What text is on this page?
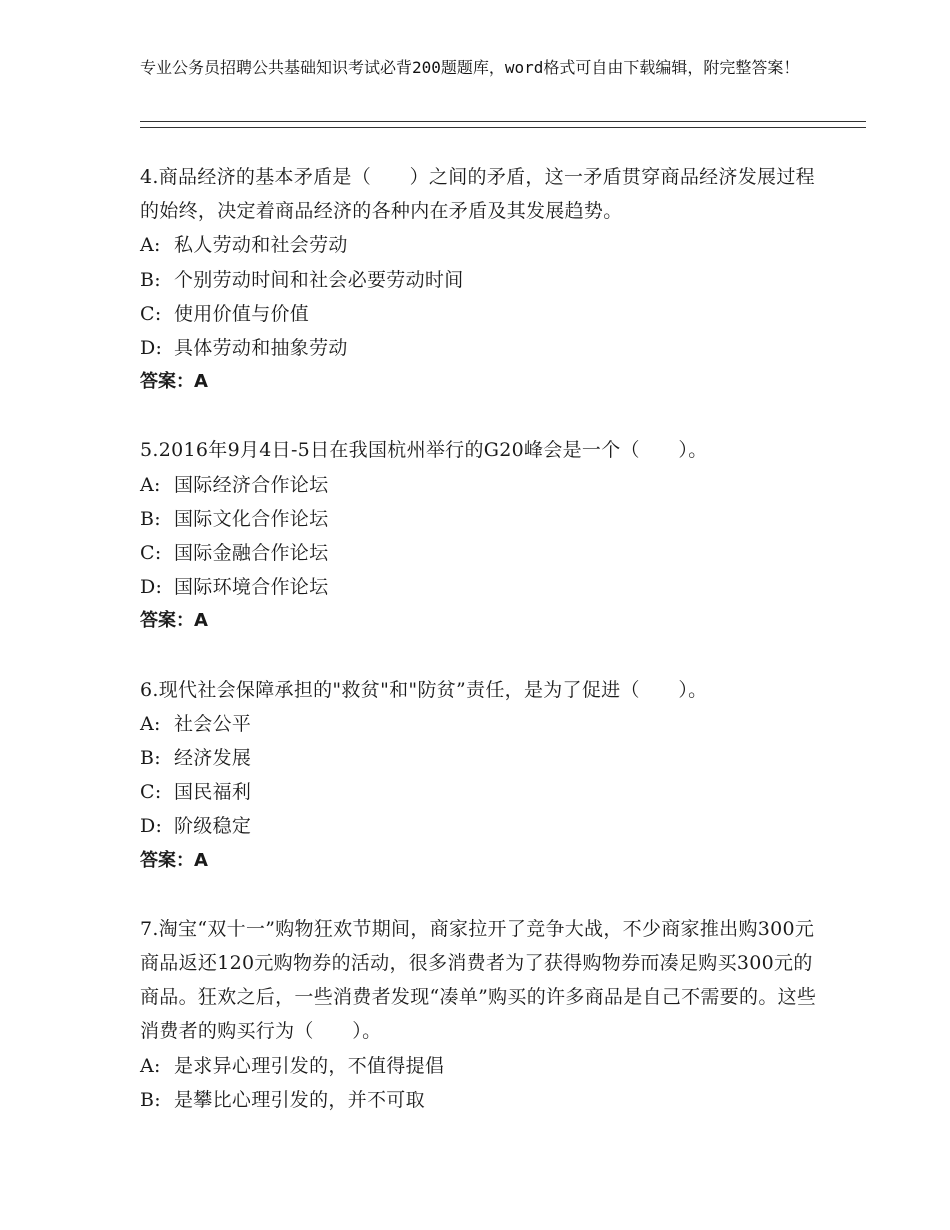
专业公务员招聘公共基础知识考试必背200题题库，word格式可自由下载编辑，附完整答案！
4.商品经济的基本矛盾是（　　）之间的矛盾，这一矛盾贯穿商品经济发展过程的始终，决定着商品经济的各种内在矛盾及其发展趋势。
A: 私人劳动和社会劳动
B: 个别劳动时间和社会必要劳动时间
C: 使用价值与价值
D: 具体劳动和抽象劳动
答案：A
5.2016年9月4日-5日在我国杭州举行的G20峰会是一个（　　）。
A: 国际经济合作论坛
B: 国际文化合作论坛
C: 国际金融合作论坛
D: 国际环境合作论坛
答案：A
6.现代社会保障承担的"救贫"和"防贫”责任，是为了促进（　　）。
A: 社会公平
B: 经济发展
C: 国民福利
D: 阶级稳定
答案：A
7.淘宝“双十一”购物狂欢节期间，商家拉开了竞争大战，不少商家推出购300元商品返还120元购物券的活动，很多消费者为了获得购物券而凑足购买300元的商品。狂欢之后，一些消费者发现“凑单”购买的许多商品是自己不需要的。这些消费者的购买行为（　　）。
A: 是求异心理引发的，不值得提倡
B: 是攀比心理引发的，并不可取
